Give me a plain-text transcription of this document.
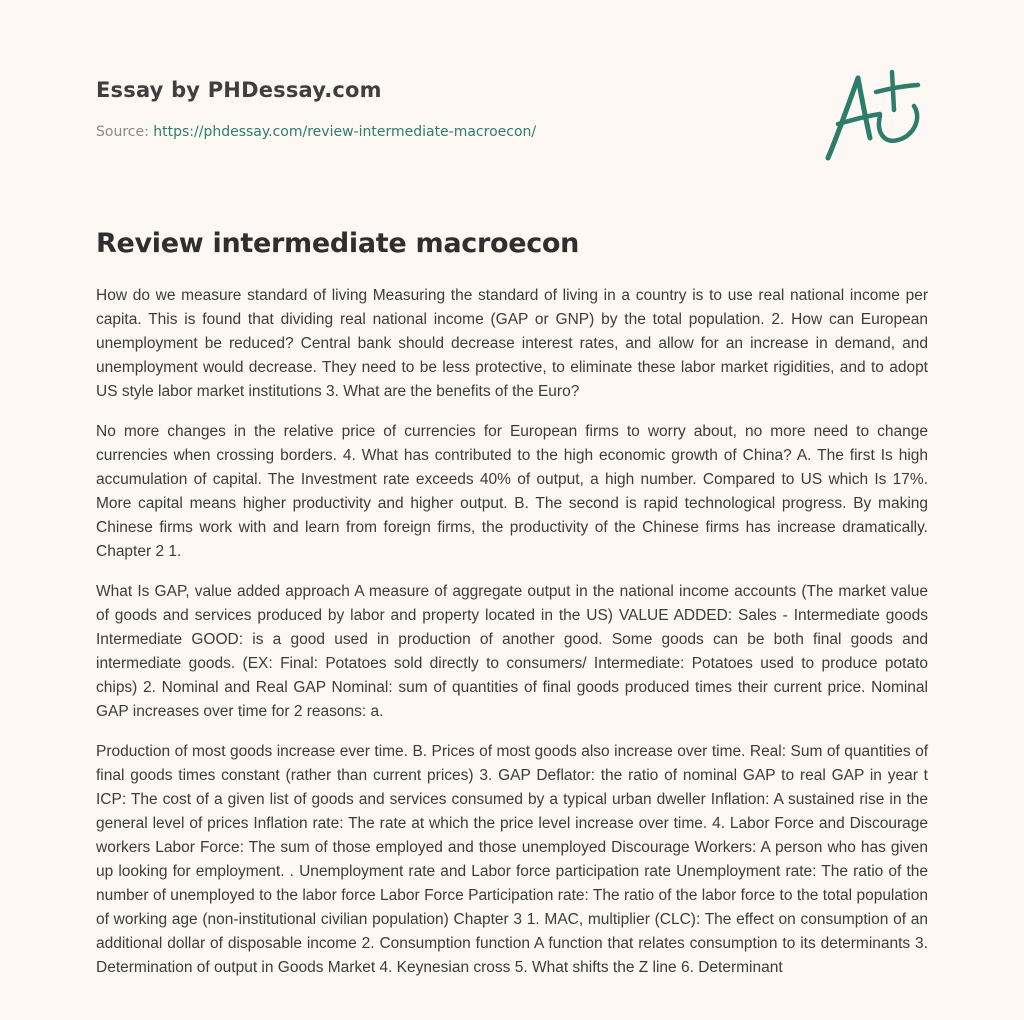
Essay by PHDessay.com
Source: https://phdessay.com/review-intermediate-macroecon/
Review intermediate macroecon

How do we measure standard of living Measuring the standard of living in a country is to use real national income per capita. This is found that dividing real national income (GAP or GNP) by the total population. 2. How can European unemployment be reduced? Central bank should decrease interest rates, and allow for an increase in demand, and unemployment would decrease. They need to be less protective, to eliminate these labor market rigidities, and to adopt US style labor market institutions 3. What are the benefits of the Euro?

No more changes in the relative price of currencies for European firms to worry about, no more need to change currencies when crossing borders. 4. What has contributed to the high economic growth of China? A. The first Is high accumulation of capital. The Investment rate exceeds 40% of output, a high number. Compared to US which Is 17%. More capital means higher productivity and higher output. B. The second is rapid technological progress. By making Chinese firms work with and learn from foreign firms, the productivity of the Chinese firms has increase dramatically. Chapter 2 1.

What Is GAP, value added approach A measure of aggregate output in the national income accounts (The market value of goods and services produced by labor and property located in the US) VALUE ADDED: Sales - Intermediate goods Intermediate GOOD: is a good used in production of another good. Some goods can be both final goods and intermediate goods. (EX: Final: Potatoes sold directly to consumers/ Intermediate: Potatoes used to produce potato chips) 2. Nominal and Real GAP Nominal: sum of quantities of final goods produced times their current price. Nominal GAP increases over time for 2 reasons: a.

Production of most goods increase ever time. B. Prices of most goods also increase over time. Real: Sum of quantities of final goods times constant (rather than current prices) 3. GAP Deflator: the ratio of nominal GAP to real GAP in year t ICP: The cost of a given list of goods and services consumed by a typical urban dweller Inflation: A sustained rise in the general level of prices Inflation rate: The rate at which the price level increase over time. 4. Labor Force and Discourage workers Labor Force: The sum of those employed and those unemployed Discourage Workers: A person who has given up looking for employment. . Unemployment rate and Labor force participation rate Unemployment rate: The ratio of the number of unemployed to the labor force Labor Force Participation rate: The ratio of the labor force to the total population of working age (non-institutional civilian population) Chapter 3 1. MAC, multiplier (CLC): The effect on consumption of an additional dollar of disposable income 2. Consumption function A function that relates consumption to its determinants 3. Determination of output in Goods Market 4. Keynesian cross 5. What shifts the Z line 6. Determinant
